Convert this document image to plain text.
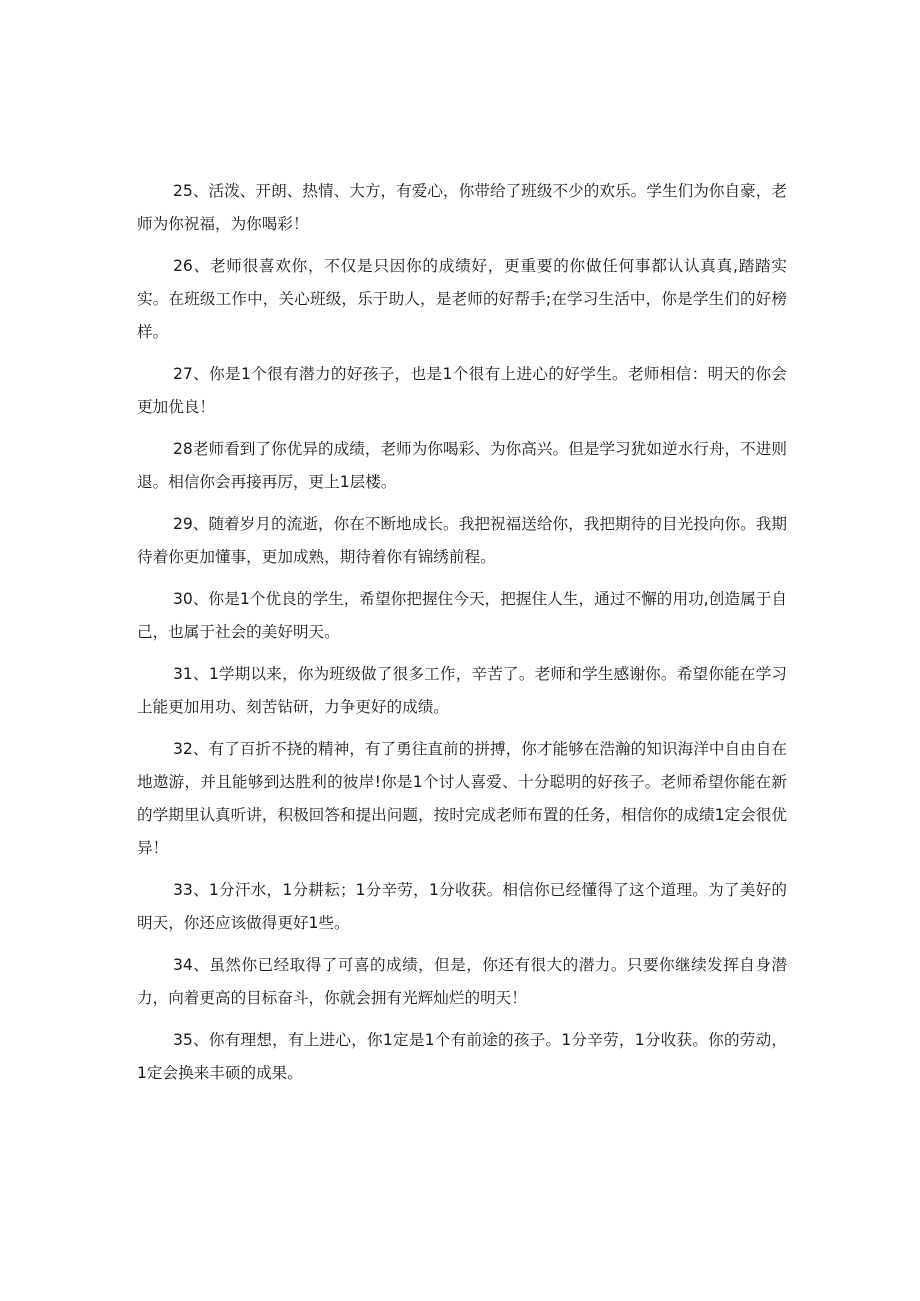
25、活泼、开朗、热情、大方，有爱心，你带给了班级不少的欢乐。学生们为你自豪，老师为你祝福，为你喝彩！

26、老师很喜欢你，不仅是只因你的成绩好，更重要的你做任何事都认认真真,踏踏实实。在班级工作中，关心班级，乐于助人，是老师的好帮手;在学习生活中，你是学生们的好榜样。

27、你是1个很有潜力的好孩子，也是1个很有上进心的好学生。老师相信：明天的你会更加优良！

28老师看到了你优异的成绩，老师为你喝彩、为你高兴。但是学习犹如逆水行舟，不进则退。相信你会再接再厉，更上1层楼。

29、随着岁月的流逝，你在不断地成长。我把祝福送给你，我把期待的目光投向你。我期待着你更加懂事，更加成熟，期待着你有锦绣前程。

30、你是1个优良的学生，希望你把握住今天，把握住人生，通过不懈的用功,创造属于自己，也属于社会的美好明天。

31、1学期以来，你为班级做了很多工作，辛苦了。老师和学生感谢你。希望你能在学习上能更加用功、刻苦钻研，力争更好的成绩。

32、有了百折不挠的精神，有了勇往直前的拼搏，你才能够在浩瀚的知识海洋中自由自在地遨游，并且能够到达胜利的彼岸!你是1个讨人喜爱、十分聪明的好孩子。老师希望你能在新的学期里认真听讲，积极回答和提出问题，按时完成老师布置的任务，相信你的成绩1定会很优异！

33、1分汗水，1分耕耘；1分辛劳，1分收获。相信你已经懂得了这个道理。为了美好的明天，你还应该做得更好1些。

34、虽然你已经取得了可喜的成绩，但是，你还有很大的潜力。只要你继续发挥自身潜力，向着更高的目标奋斗，你就会拥有光辉灿烂的明天！

35、你有理想，有上进心，你1定是1个有前途的孩子。1分辛劳，1分收获。你的劳动，1定会换来丰硕的成果。
